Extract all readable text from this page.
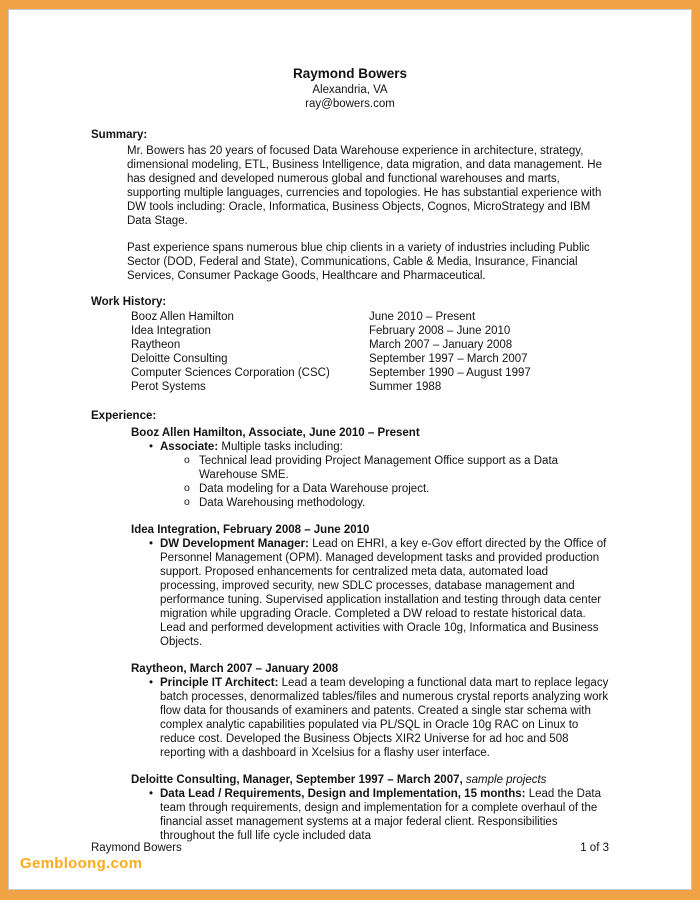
Raymond Bowers
Alexandria, VA
ray@bowers.com
Summary:

Mr. Bowers has 20 years of focused Data Warehouse experience in architecture, strategy, dimensional modeling, ETL, Business Intelligence, data migration, and data management. He has designed and developed numerous global and functional warehouses and marts, supporting multiple languages, currencies and topologies. He has substantial experience with DW tools including: Oracle, Informatica, Business Objects, Cognos, MicroStrategy and IBM Data Stage.

Past experience spans numerous blue chip clients in a variety of industries including Public Sector (DOD, Federal and State), Communications, Cable & Media, Insurance, Financial Services, Consumer Package Goods, Healthcare and Pharmaceutical.

Work History:
Booz Allen Hamilton	June 2010 – Present
Idea Integration	February 2008 – June 2010
Raytheon	March 2007 – January 2008
Deloitte Consulting	September 1997 – March 2007
Computer Sciences Corporation (CSC)	September 1990 – August 1997
Perot Systems	Summer 1988
Experience:
Booz Allen Hamilton, Associate, June 2010 – Present
• Associate: Multiple tasks including:
o Technical lead providing Project Management Office support as a Data Warehouse SME.
o Data modeling for a Data Warehouse project.
o Data Warehousing methodology.
Idea Integration, February 2008 – June 2010
• DW Development Manager: Lead on EHRI, a key e-Gov effort directed by the Office of Personnel Management (OPM). Managed development tasks and provided production support. Proposed enhancements for centralized meta data, automated load processing, improved security, new SDLC processes, database management and performance tuning. Supervised application installation and testing through data center migration while upgrading Oracle. Completed a DW reload to restate historical data. Lead and performed development activities with Oracle 10g, Informatica and Business Objects.
Raytheon, March 2007 – January 2008
• Principle IT Architect: Lead a team developing a functional data mart to replace legacy batch processes, denormalized tables/files and numerous crystal reports analyzing work flow data for thousands of examiners and patents. Created a single star schema with complex analytic capabilities populated via PL/SQL in Oracle 10g RAC on Linux to reduce cost. Developed the Business Objects XIR2 Universe for ad hoc and 508 reporting with a dashboard in Xcelsius for a flashy user interface.
Deloitte Consulting, Manager, September 1997 – March 2007, sample projects
• Data Lead / Requirements, Design and Implementation, 15 months: Lead the Data team through requirements, design and implementation for a complete overhaul of the financial asset management systems at a major federal client. Responsibilities throughout the full life cycle included data
Raymond Bowers	1 of 3
Gembloong.com
